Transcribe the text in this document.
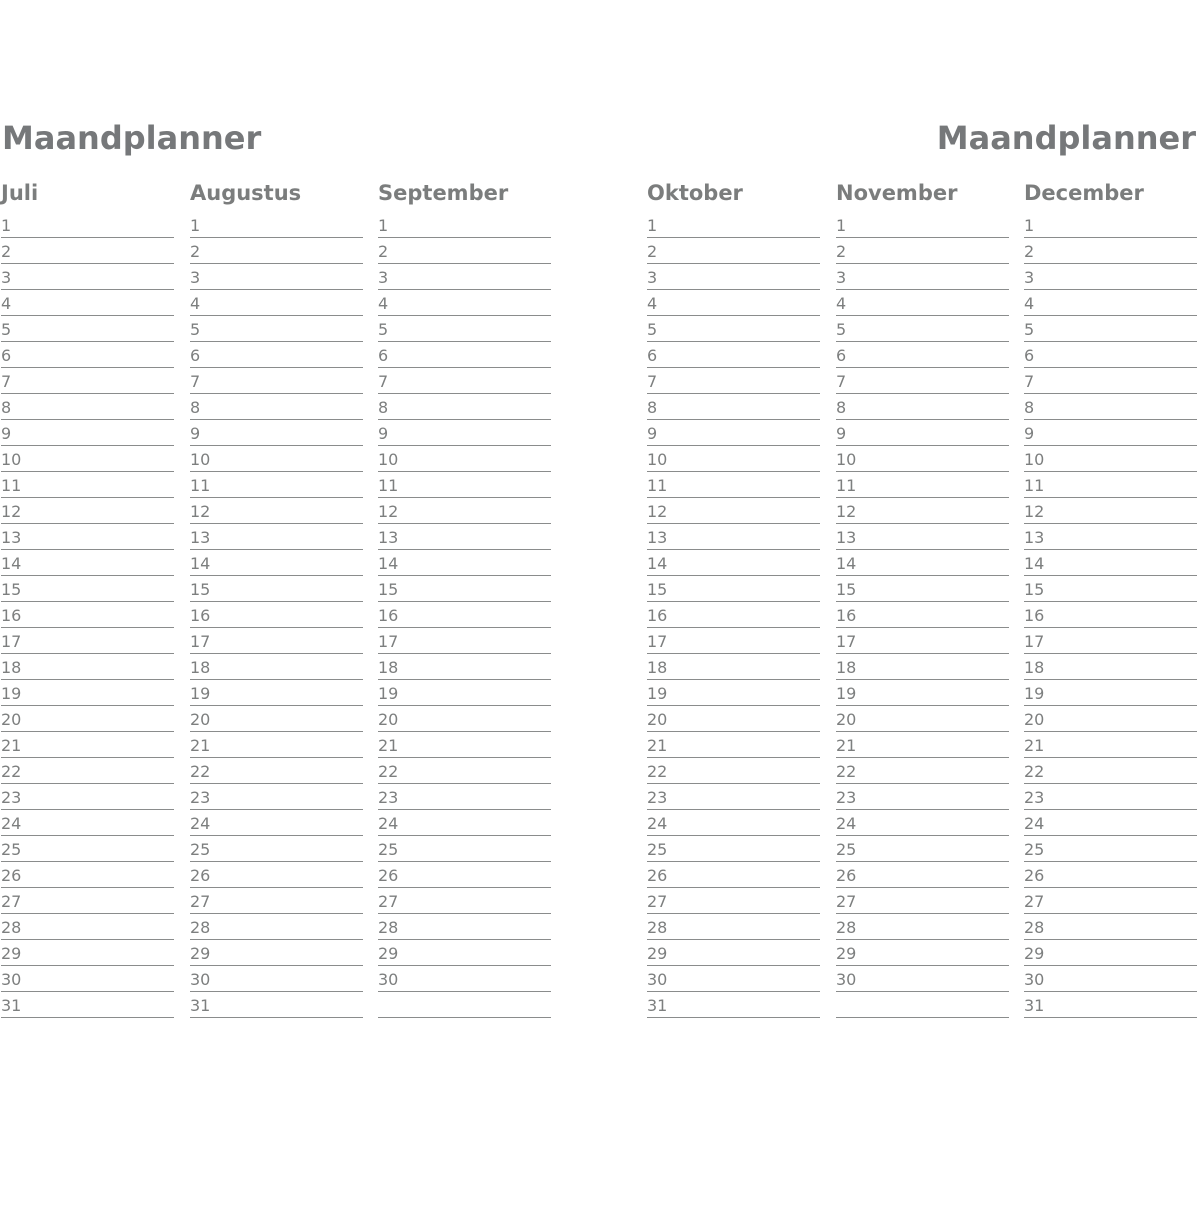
Maandplanner	Maandplanner
Juli
1
2
3
4
5
6
7
8
9
10
11
12
13
14
15
16
17
18
19
20
21
22
23
24
25
26
27
28
29
30
31
Augustus
1
2
3
4
5
6
7
8
9
10
11
12
13
14
15
16
17
18
19
20
21
22
23
24
25
26
27
28
29
30
31
September
1
2
3
4
5
6
7
8
9
10
11
12
13
14
15
16
17
18
19
20
21
22
23
24
25
26
27
28
29
30
Oktober
1
2
3
4
5
6
7
8
9
10
11
12
13
14
15
16
17
18
19
20
21
22
23
24
25
26
27
28
29
30
31
November
1
2
3
4
5
6
7
8
9
10
11
12
13
14
15
16
17
18
19
20
21
22
23
24
25
26
27
28
29
30
December
1
2
3
4
5
6
7
8
9
10
11
12
13
14
15
16
17
18
19
20
21
22
23
24
25
26
27
28
29
30
31
